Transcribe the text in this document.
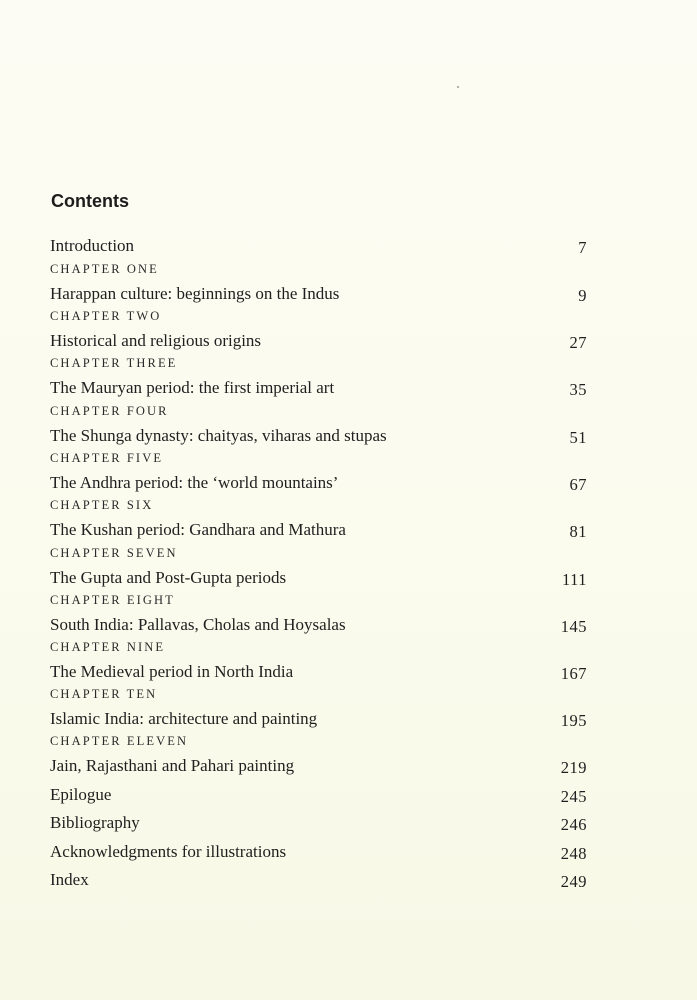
Contents
Introduction	7
CHAPTER ONE
Harappan culture: beginnings on the Indus	9
CHAPTER TWO
Historical and religious origins	27
CHAPTER THREE
The Mauryan period: the first imperial art	35
CHAPTER FOUR
The Shunga dynasty: chaityas, viharas and stupas	51
CHAPTER FIVE
The Andhra period: the ‘world mountains’	67
CHAPTER SIX
The Kushan period: Gandhara and Mathura	81
CHAPTER SEVEN
The Gupta and Post-Gupta periods	111
CHAPTER EIGHT
South India: Pallavas, Cholas and Hoysalas	145
CHAPTER NINE
The Medieval period in North India	167
CHAPTER TEN
Islamic India: architecture and painting	195
CHAPTER ELEVEN
Jain, Rajasthani and Pahari painting	219
Epilogue	245
Bibliography	246
Acknowledgments for illustrations	248
Index	249
